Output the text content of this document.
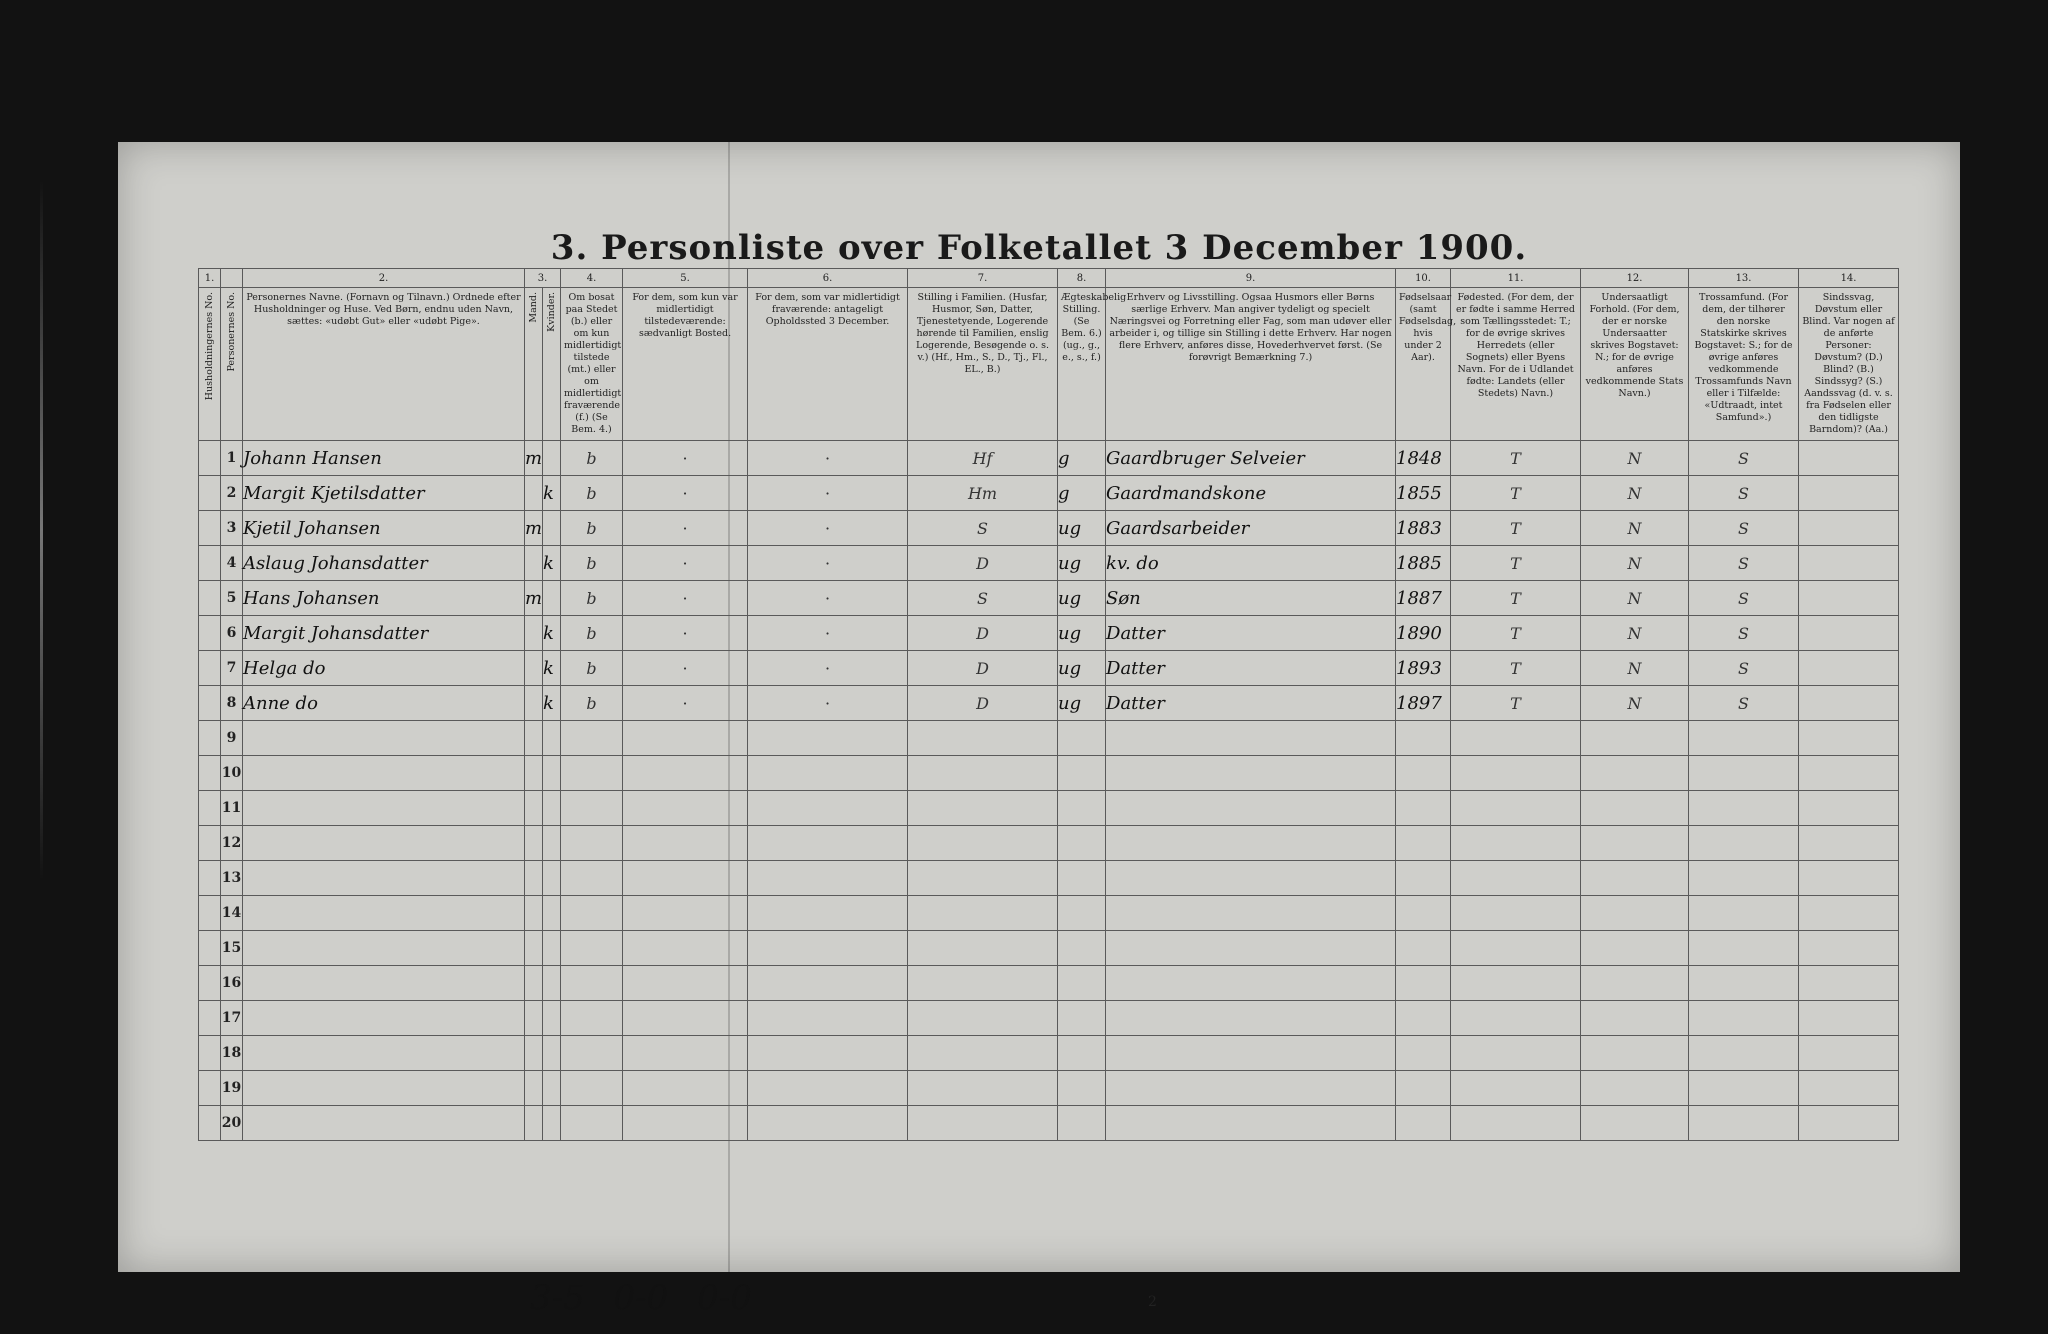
3. Personliste over Folketallet 3 December 1900.
1.		2.	3.		4.	5.	6.	7.	8.	9.	10.	11.	12.	13.	14.

Husholdningernes No.	Personernes No.	Personernes Navne. (Fornavn og Tilnavn.) Ordnede efter Husholdninger og Huse. Ved Børn, endnu uden Navn, sættes: «udøbt Gut» eller «udøbt Pige».	Mand.	Kvinder.	Om bosat paa Stedet (b.) eller om kun midlertidigt tilstede (mt.) eller om midlertidigt fraværende (f.) (Se Bem. 4.)	For dem, som kun var midlertidigt tilstedeværende: sædvanligt Bosted.	For dem, som var midlertidigt fraværende: antageligt Opholdssted 3 December.	Stilling i Familien. (Husfar, Husmor, Søn, Datter, Tjenestetyende, Logerende hørende til Familien, enslig Logerende, Besøgende o. s. v.) (Hf., Hm., S., D., Tj., Fl., EL., B.)	Ægteskabelig Stilling. (Se Bem. 6.) (ug., g., e., s., f.)	Erhverv og Livsstilling. Ogsaa Husmors eller Børns særlige Erhverv. Man angiver tydeligt og specielt Næringsvei og Forretning eller Fag, som man udøver eller arbeider i, og tillige sin Stilling i dette Erhverv. Har nogen flere Erhverv, anføres disse, Hovederhvervet først. (Se forøvrigt Bemærkning 7.)	Fødselsaar (samt Fødselsdag, hvis under 2 Aar).	Fødested. (For dem, der er fødte i samme Herred som Tællingsstedet: T.; for de øvrige skrives Herredets (eller Sognets) eller Byens Navn. For de i Udlandet fødte: Landets (eller Stedets) Navn.)	Undersaatligt Forhold. (For dem, der er norske Undersaatter skrives Bogstavet: N.; for de øvrige anføres vedkommende Stats Navn.)	Trossamfund. (For dem, der tilhører den norske Statskirke skrives Bogstavet: S.; for de øvrige anføres vedkommende Trossamfunds Navn eller i Tilfælde: «Udtraadt, intet Samfund».)	Sindssvag, Døvstum eller Blind. Var nogen af de anførte Personer: Døvstum? (D.) Blind? (B.) Sindssyg? (S.) Aandssvag (d. v. s. fra Fødselen eller den tidligste Barndom)? (Aa.)
	1	Johann Hansen	m		b	·	·	Hf	g	Gaardbruger Selveier	1848	T	N	S	
	2	Margit Kjetilsdatter		k	b	·	·	Hm	g	Gaardmandskone	1855	T	N	S	
	3	Kjetil Johansen	m		b	·	·	S	ug	Gaardsarbeider	1883	T	N	S	
	4	Aslaug Johansdatter		k	b	·	·	D	ug	kv. do	1885	T	N	S	
	5	Hans Johansen	m		b	·	·	S	ug	Søn	1887	T	N	S	
	6	Margit Johansdatter		k	b	·	·	D	ug	Datter	1890	T	N	S	
	7	Helga do		k	b	·	·	D	ug	Datter	1893	T	N	S	
	8	Anne do		k	b	·	·	D	ug	Datter	1897	T	N	S	
	9														
	10														
	11														
	12														
	13														
	14														
	15														
	16														
	17														
	18														
	19														
	20														
3-5 0-0 0-0	2
